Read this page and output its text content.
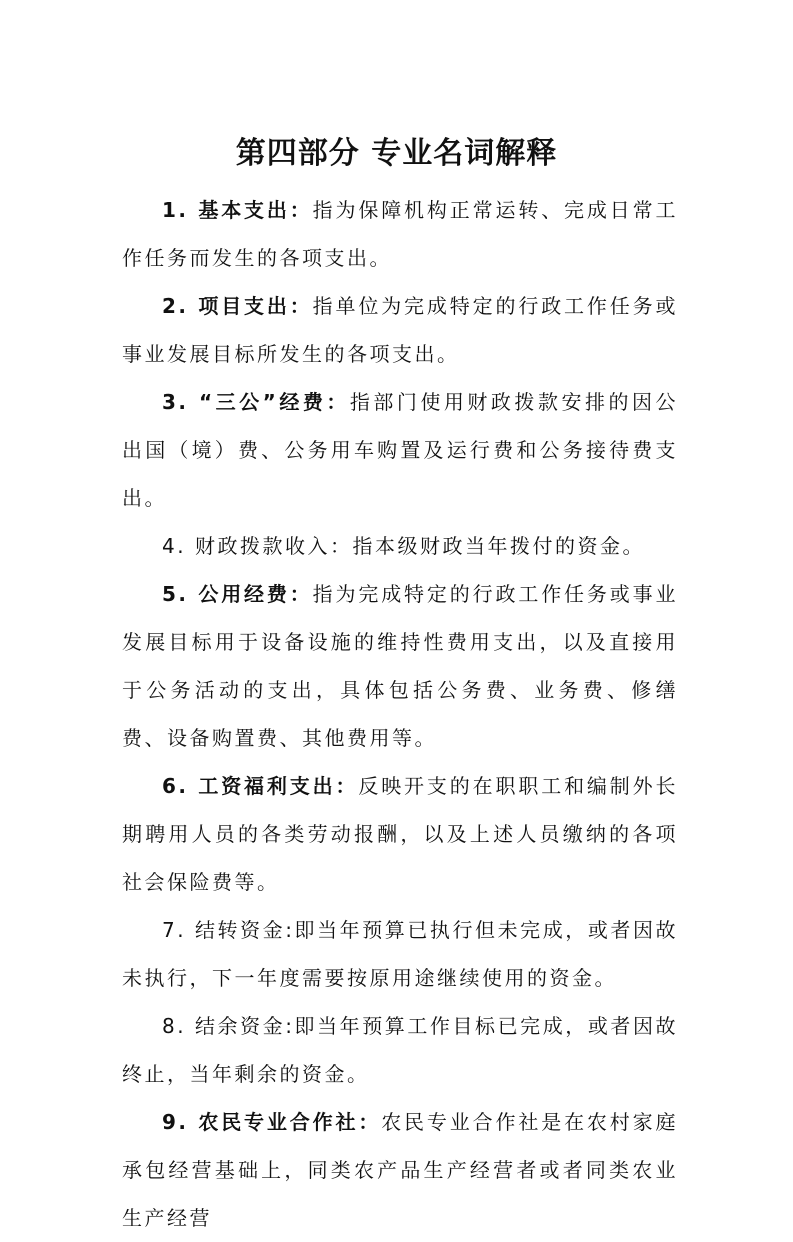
第四部分 专业名词解释

1. 基本支出：指为保障机构正常运转、完成日常工作任务而发生的各项支出。

2. 项目支出：指单位为完成特定的行政工作任务或事业发展目标所发生的各项支出。

3. “三公”经费：指部门使用财政拨款安排的因公出国（境）费、公务用车购置及运行费和公务接待费支出。

4. 财政拨款收入：指本级财政当年拨付的资金。

5. 公用经费：指为完成特定的行政工作任务或事业发展目标用于设备设施的维持性费用支出，以及直接用于公务活动的支出，具体包括公务费、业务费、修缮费、设备购置费、其他费用等。

6. 工资福利支出：反映开支的在职职工和编制外长期聘用人员的各类劳动报酬，以及上述人员缴纳的各项社会保险费等。

7. 结转资金:即当年预算已执行但未完成，或者因故未执行，下一年度需要按原用途继续使用的资金。

8. 结余资金:即当年预算工作目标已完成，或者因故终止，当年剩余的资金。

9. 农民专业合作社：农民专业合作社是在农村家庭承包经营基础上，同类农产品生产经营者或者同类农业生产经营
